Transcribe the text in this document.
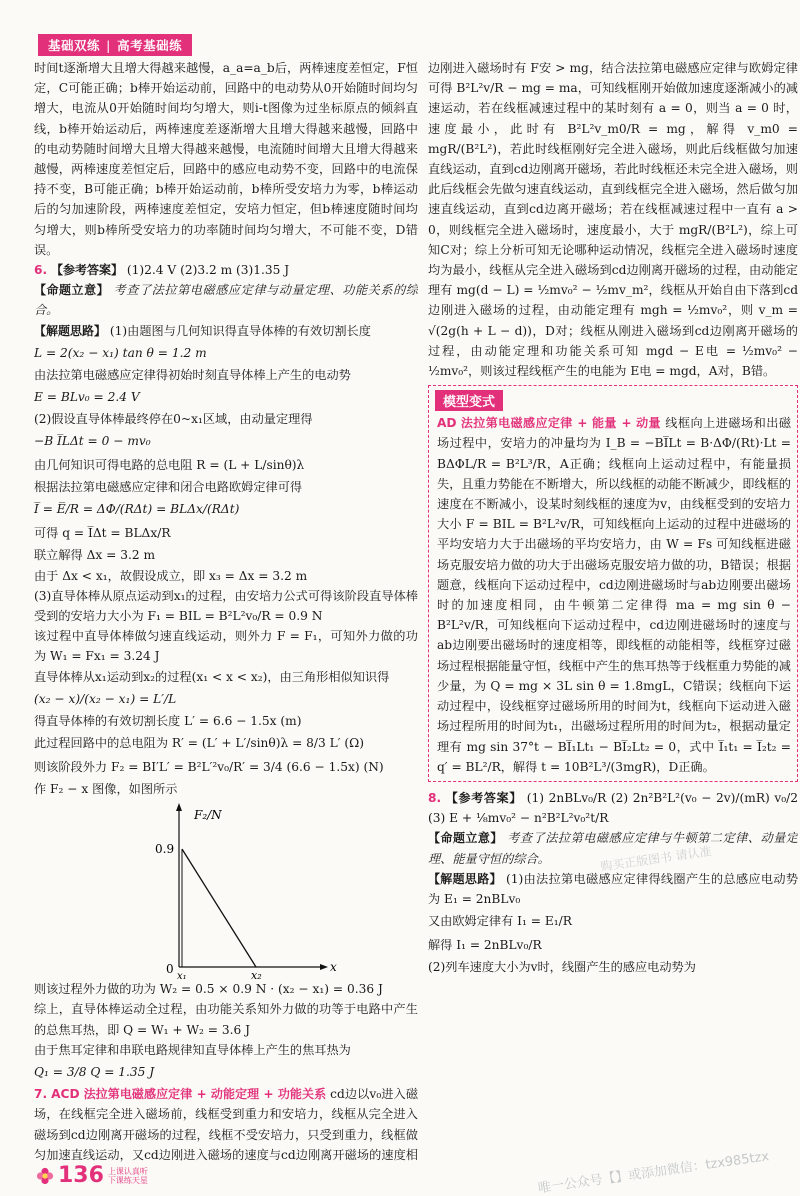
基础双练 | 高考基础练

时间t逐渐增大且增大得越来越慢，a_a=a_b后，两棒速度差恒定，F恒定，C可能正确；b棒开始运动前，回路中的电动势从0开始随时间均匀增大，电流从0开始随时间均匀增大，则i-t图像为过坐标原点的倾斜直线，b棒开始运动后，两棒速度差逐渐增大且增大得越来越慢，回路中的电动势随时间增大且增大得越来越慢，电流随时间增大且增大得越来越慢，两棒速度差恒定后，回路中的感应电动势不变，回路中的电流保持不变，B可能正确；b棒开始运动前，b棒所受安培力为零，b棒运动后的匀加速阶段，两棒速度差恒定，安培力恒定，但b棒速度随时间均匀增大，则b棒所受安培力的功率随时间均匀增大，不可能不变，D错误。

6. 【参考答案】 (1)2.4 V (2)3.2 m (3)1.35 J

【命题立意】 考查了法拉第电磁感应定律与动量定理、功能关系的综合。

【解题思路】 (1)由题图与几何知识得直导体棒的有效切割长度

L = 2(x₂ − x₁) tan θ = 1.2 m

由法拉第电磁感应定律得初始时刻直导体棒上产生的电动势

E = BLv₀ = 2.4 V

(2)假设直导体棒最终停在0~x₁区域，由动量定理得

−B I̅LΔt = 0 − mv₀

由几何知识可得电路的总电阻 R = (L + L/sinθ)λ

根据法拉第电磁感应定律和闭合电路欧姆定律可得

I̅ = E̅/R = ΔΦ/(RΔt) = BLΔx/(RΔt)

可得 q = I̅Δt = BLΔx/R

联立解得 Δx = 3.2 m

由于 Δx < x₁，故假设成立，即 x₃ = Δx = 3.2 m

(3)直导体棒从原点运动到x₁的过程，由安培力公式可得该阶段直导体棒受到的安培力大小为 F₁ = BIL = B²L²v₀/R = 0.9 N

该过程中直导体棒做匀速直线运动，则外力 F = F₁，可知外力做的功为 W₁ = Fx₁ = 3.24 J

直导体棒从x₁运动到x₂的过程(x₁ < x < x₂)，由三角形相似知识得

(x₂ − x)/(x₂ − x₁) = L′/L

得直导体棒的有效切割长度 L′ = 6.6 − 1.5x (m)

此过程回路中的总电阻为 R′ = (L′ + L′/sinθ)λ = 8/3 L′ (Ω)

则该阶段外力 F₂ = BI′L′ = B²L′²v₀/R′ = 3/4 (6.6 − 1.5x) (N)

作 F₂ − x 图像，如图所示

F₂/N
0.9
0
x₁	x₂
x

则该过程外力做的功为 W₂ = 0.5 × 0.9 N · (x₂ − x₁) = 0.36 J

综上，直导体棒运动全过程，由功能关系知外力做的功等于电路中产生的总焦耳热，即 Q = W₁ + W₂ = 3.6 J

由于焦耳定律和串联电路规律知直导体棒上产生的焦耳热为

Q₁ = 3/8 Q = 1.35 J

7. ACD 法拉第电磁感应定律 + 动能定理 + 功能关系 cd边以v₀进入磁场，在线框完全进入磁场前，线框受到重力和安培力，线框从完全进入磁场到cd边刚离开磁场的过程，线框不受安培力，只受到重力，线框做匀加速直线运动，又cd边刚进入磁场的速度与cd边刚离开磁场的速度相

边刚进入磁场时有 F安 > mg，结合法拉第电磁感应定律与欧姆定律可得 B²L²v/R − mg = ma，可知线框刚开始做加速度逐渐减小的减速运动，若在线框减速过程中的某时刻有 a = 0，则当 a = 0 时，速度最小，此时有 B²L²v_m0/R = mg，解得 v_m0 = mgR/(B²L²)，若此时线框刚好完全进入磁场，则此后线框做匀加速直线运动，直到cd边刚离开磁场，若此时线框还未完全进入磁场，则此后线框会先做匀速直线运动，直到线框完全进入磁场，然后做匀加速直线运动，直到cd边离开磁场；若在线框减速过程中一直有 a > 0，则线框完全进入磁场时，速度最小，大于 mgR/(B²L²)，综上可知C对；综上分析可知无论哪种运动情况，线框完全进入磁场时速度均为最小，线框从完全进入磁场到cd边刚离开磁场的过程，由动能定理有 mg(d − L) = ½mv₀² − ½mv_m²，线框从开始自由下落到cd边刚进入磁场的过程，由动能定理有 mgh = ½mv₀²，则 v_m = √(2g(h + L − d))，D对；线框从刚进入磁场到cd边刚离开磁场的过程，由动能定理和功能关系可知 mgd − E电 = ½mv₀² − ½mv₀²，则该过程线框产生的电能为 E电 = mgd，A对，B错。

模型变式

AD 法拉第电磁感应定律 + 能量 + 动量 线框向上进磁场和出磁场过程中，安培力的冲量均为 I_B = −BI̅Lt = B·ΔΦ/(Rt)·Lt = BΔΦL/R = B²L³/R，A正确；线框向上运动过程中，有能量损失，且重力势能在不断增大，所以线框的动能不断减少，即线框的速度在不断减小，设某时刻线框的速度为v，由线框受到的安培力大小 F = BIL = B²L²v/R，可知线框向上运动的过程中进磁场的平均安培力大于出磁场的平均安培力，由 W = Fs 可知线框进磁场克服安培力做的功大于出磁场克服安培力做的功，B错误；根据题意，线框向下运动过程中，cd边刚进磁场时与ab边刚要出磁场时的加速度相同，由牛顿第二定律得 ma = mg sin θ − B²L²v/R，可知线框向下运动过程中，cd边刚进磁场时的速度与ab边刚要出磁场时的速度相等，即线框的动能相等，线框穿过磁场过程根据能量守恒，线框中产生的焦耳热等于线框重力势能的减少量，为 Q = mg × 3L sin θ = 1.8mgL，C错误；线框向下运动过程中，设线框穿过磁场所用的时间为t，线框向下运动进入磁场过程所用的时间为t₁，出磁场过程所用的时间为t₂，根据动量定理有 mg sin 37°t − BI̅₁Lt₁ − BI̅₂Lt₂ = 0，式中 I̅₁t₁ = I̅₂t₂ = q′ = BL²/R，解得 t = 10B²L³/(3mgR)，D正确。

8. 【参考答案】 (1) 2nBLv₀/R (2) 2n²B²L²(v₀ − 2v)/(mR) v₀/2 (3) E + ⅛mv₀² − n²B²L²v₀²t/R

【命题立意】 考查了法拉第电磁感应定律与牛顿第二定律、动量定理、能量守恒的综合。

【解题思路】 (1)由法拉第电磁感应定律得线圈产生的总感应电动势为 E₁ = 2nBLv₀

又由欧姆定律有 I₁ = E₁/R

解得 I₁ = 2nBLv₀/R

(2)列车速度大小为v时，线圈产生的感应电动势为

购买正版图书 请认准
唯一公众号【】或添加微信：tzx985tzx
136 上课认真听
下课练天星
